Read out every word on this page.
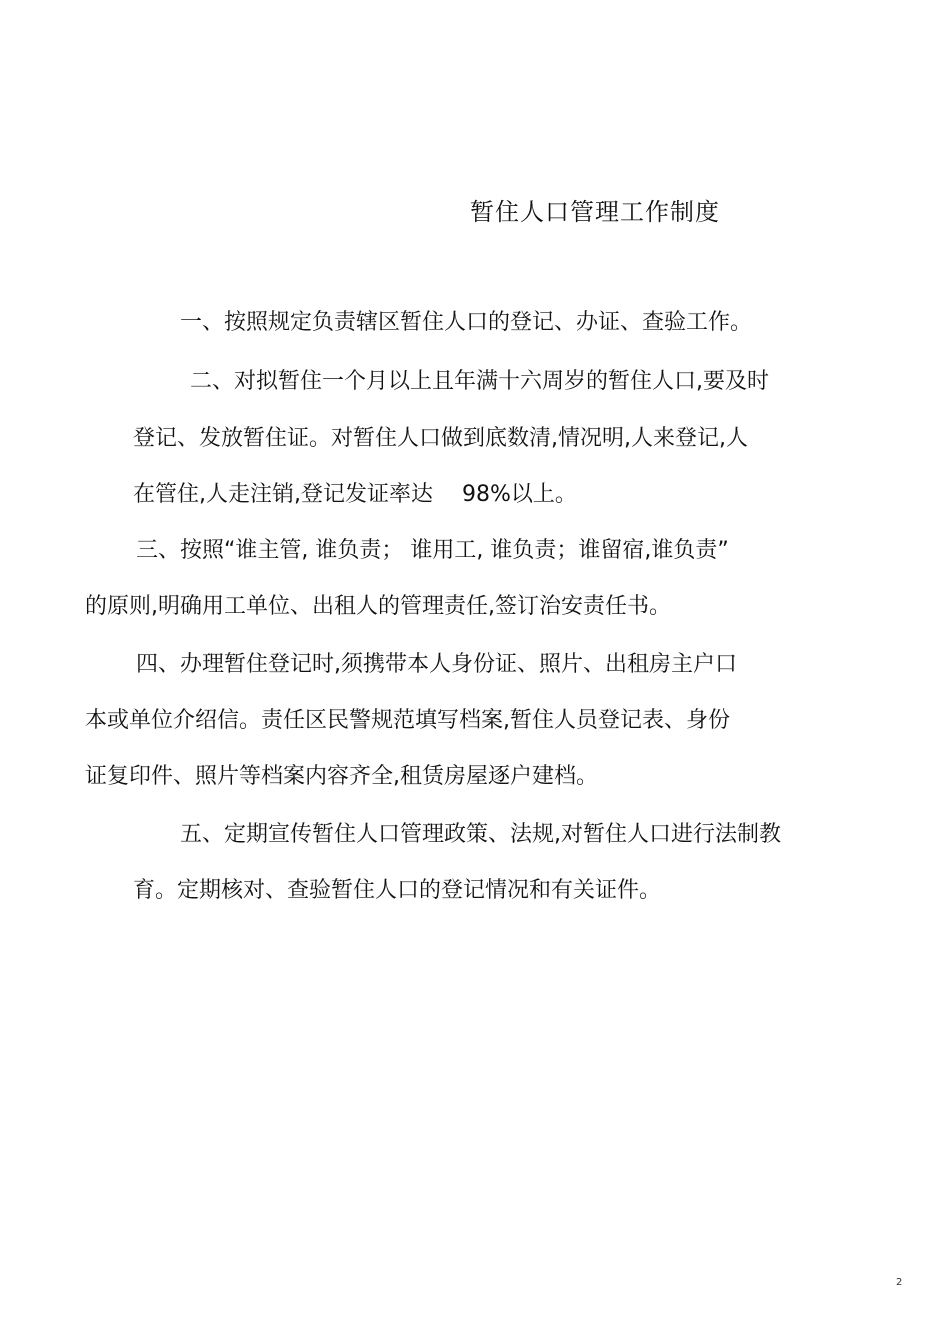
暂住人口管理工作制度
一、按照规定负责辖区暂住人口的登记、办证、查验工作。
二、对拟暂住一个月以上且年满十六周岁的暂住人口,要及时
登记、发放暂住证。对暂住人口做到底数清,情况明,人来登记,人
在管住,人走注销,登记发证率达　 98%以上。
三、按照“谁主管, 谁负责； 谁用工, 谁负责；谁留宿,谁负责”
的原则,明确用工单位、出租人的管理责任,签订治安责任书。
四、办理暂住登记时,须携带本人身份证、照片、出租房主户口
本或单位介绍信。责任区民警规范填写档案,暂住人员登记表、身份
证复印件、照片等档案内容齐全,租赁房屋逐户建档。
五、定期宣传暂住人口管理政策、法规,对暂住人口进行法制教
育。定期核对、查验暂住人口的登记情况和有关证件。
2
